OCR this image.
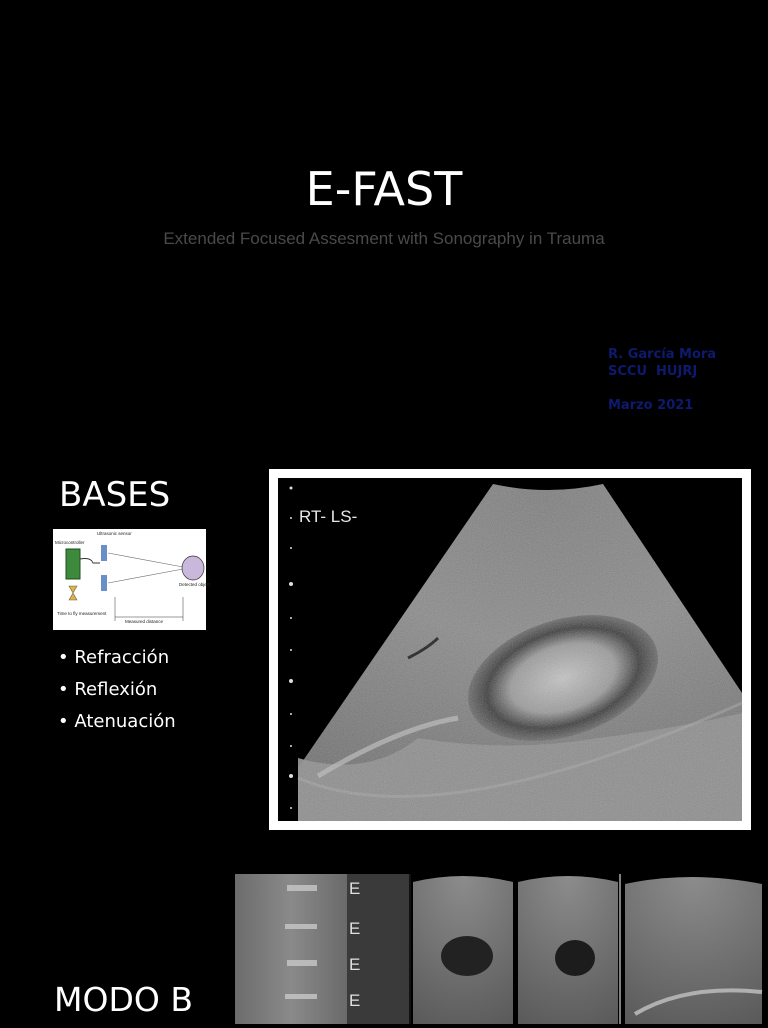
E-FAST
Extended Focused Assesment with Sonography in Trauma
R. García Mora
SCCU  HUJRJ
Marzo 2021
BASES
Microcontroller
Ultrasonic sensor
Time to fly measurement
Measured distance
Detected object
• Refracción
• Reflexión
• Atenuación
RT- LS-
E
E
E
E
MODO B
